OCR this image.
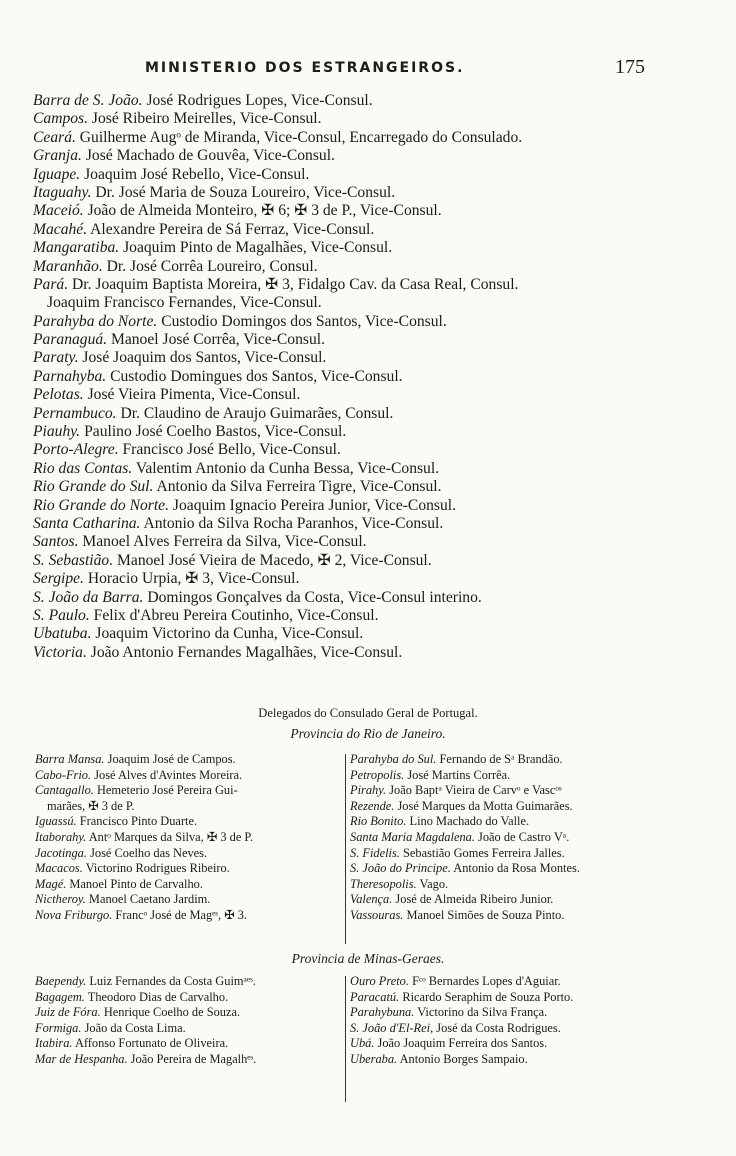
MINISTERIO DOS ESTRANGEIROS.	175
Barra de S. João. José Rodrigues Lopes, Vice-Consul.
Campos. José Ribeiro Meirelles, Vice-Consul.
Ceará. Guilherme Augᵒ de Miranda, Vice-Consul, Encarregado do Consulado.
Granja. José Machado de Gouvêa, Vice-Consul.
Iguape. Joaquim José Rebello, Vice-Consul.
Itaguahy. Dr. José Maria de Souza Loureiro, Vice-Consul.
Maceió. João de Almeida Monteiro, ✠ 6; ✠ 3 de P., Vice-Consul.
Macahé. Alexandre Pereira de Sá Ferraz, Vice-Consul.
Mangaratiba. Joaquim Pinto de Magalhães, Vice-Consul.
Maranhão. Dr. José Corrêa Loureiro, Consul.
Pará. Dr. Joaquim Baptista Moreira, ✠ 3, Fidalgo Cav. da Casa Real, Consul.
Joaquim Francisco Fernandes, Vice-Consul.
Parahyba do Norte. Custodio Domingos dos Santos, Vice-Consul.
Paranaguá. Manoel José Corrêa, Vice-Consul.
Paraty. José Joaquim dos Santos, Vice-Consul.
Parnahyba. Custodio Domingues dos Santos, Vice-Consul.
Pelotas. José Vieira Pimenta, Vice-Consul.
Pernambuco. Dr. Claudino de Araujo Guimarães, Consul.
Piauhy. Paulino José Coelho Bastos, Vice-Consul.
Porto-Alegre. Francisco José Bello, Vice-Consul.
Rio das Contas. Valentim Antonio da Cunha Bessa, Vice-Consul.
Rio Grande do Sul. Antonio da Silva Ferreira Tigre, Vice-Consul.
Rio Grande do Norte. Joaquim Ignacio Pereira Junior, Vice-Consul.
Santa Catharina. Antonio da Silva Rocha Paranhos, Vice-Consul.
Santos. Manoel Alves Ferreira da Silva, Vice-Consul.
S. Sebastião. Manoel José Vieira de Macedo, ✠ 2, Vice-Consul.
Sergipe. Horacio Urpia, ✠ 3, Vice-Consul.
S. João da Barra. Domingos Gonçalves da Costa, Vice-Consul interino.
S. Paulo. Felix d'Abreu Pereira Coutinho, Vice-Consul.
Ubatuba. Joaquim Victorino da Cunha, Vice-Consul.
Victoria. João Antonio Fernandes Magalhães, Vice-Consul.
Delegados do Consulado Geral de Portugal.
Provincia do Rio de Janeiro.
Barra Mansa. Joaquim José de Campos.
Cabo-Frio. José Alves d'Avintes Moreira.
Cantagallo. Hemeterio José Pereira Gui-
marães, ✠ 3 de P.
Iguassú. Francisco Pinto Duarte.
Itaborahy. Antᵒ Marques da Silva, ✠ 3 de P.
Jacotinga. José Coelho das Neves.
Macacos. Victorino Rodrigues Ribeiro.
Magé. Manoel Pinto de Carvalho.
Nictheroy. Manoel Caetano Jardim.
Nova Friburgo. Francᵒ José de Magᵉˢ, ✠ 3.
Parahyba do Sul. Fernando de Sᵃ Brandão.
Petropolis. José Martins Corrêa.
Pirahy. João Baptᵃ Vieira de Carvᵒ e Vascᵒˢ
Rezende. José Marques da Motta Guimarães.
Rio Bonito. Lino Machado do Valle.
Santa Maria Magdalena. João de Castro Vᵃ.
S. Fidelis. Sebastião Gomes Ferreira Jalles.
S. João do Principe. Antonio da Rosa Montes.
Theresopolis. Vago.
Valença. José de Almeida Ribeiro Junior.
Vassouras. Manoel Simões de Souza Pinto.
Provincia de Minas-Geraes.
Baependy. Luiz Fernandes da Costa Guimᵃᵉˢ.
Bagagem. Theodoro Dias de Carvalho.
Juiz de Fóra. Henrique Coelho de Souza.
Formiga. João da Costa Lima.
Itabira. Affonso Fortunato de Oliveira.
Mar de Hespanha. João Pereira de Magalhᵉˢ.
Ouro Preto. Fᶜᵒ Bernardes Lopes d'Aguiar.
Paracatú. Ricardo Seraphim de Souza Porto.
Parahybuna. Victorino da Silva França.
S. João d'El-Rei, José da Costa Rodrigues.
Ubá. João Joaquim Ferreira dos Santos.
Uberaba. Antonio Borges Sampaio.
